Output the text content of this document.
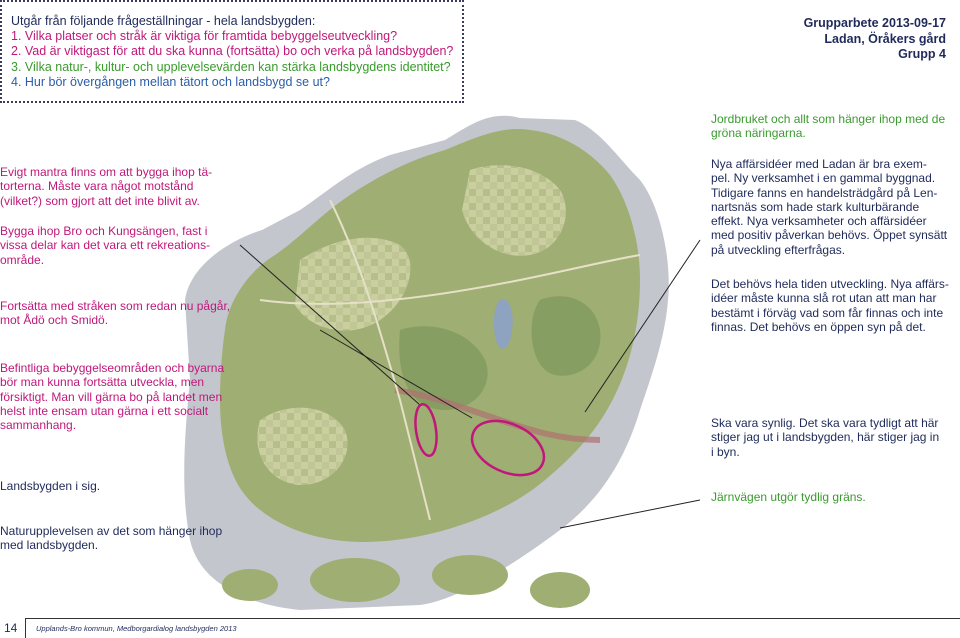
Utgår från följande frågeställningar - hela landsbygden:
1. Vilka platser och stråk är viktiga för framtida bebyggelseutveckling?
2. Vad är viktigast för att du ska kunna (fortsätta) bo och verka på landsbygden?
3. Vilka natur-, kultur- och upplevelsevärden kan stärka landsbygdens identitet?
4. Hur bör övergången mellan tätort och landsbygd se ut?
Grupparbete 2013-09-17
Ladan, Öråkers gård
Grupp 4
Evigt mantra finns om att bygga ihop tä-
torterna. Måste vara något motstånd
(vilket?) som gjort att det inte blivit av.
Bygga ihop Bro och Kungsängen, fast i
vissa delar kan det vara ett rekreations-
område.
Fortsätta med stråken som redan nu pågår,
mot Ådö och Smidö.
Befintliga bebyggelseområden och byarna
bör man kunna fortsätta utveckla, men
försiktigt. Man vill gärna bo på landet men
helst inte ensam utan gärna i ett socialt
sammanhang.
Landsbygden i sig.
Naturupplevelsen av det som hänger ihop
med landsbygden.
Jordbruket och allt som hänger ihop med de
gröna näringarna.
Nya affärsidéer med Ladan är bra exem-
pel. Ny verksamhet i en gammal byggnad.
Tidigare fanns en handelsträdgård på Len-
nartsnäs som hade stark kulturbärande
effekt. Nya verksamheter och affärsidéer
med positiv påverkan behövs. Öppet synsätt
på utveckling efterfrågas.
Det behövs hela tiden utveckling. Nya affärs-
idéer måste kunna slå rot utan att man har
bestämt i förväg vad som får finnas och inte
finnas. Det behövs en öppen syn på det.
Ska vara synlig. Det ska vara tydligt att här
stiger jag ut i landsbygden, här stiger jag in
i byn.
Järnvägen utgör tydlig gräns.
14 Upplands-Bro kommun, Medborgardialog landsbygden 2013
